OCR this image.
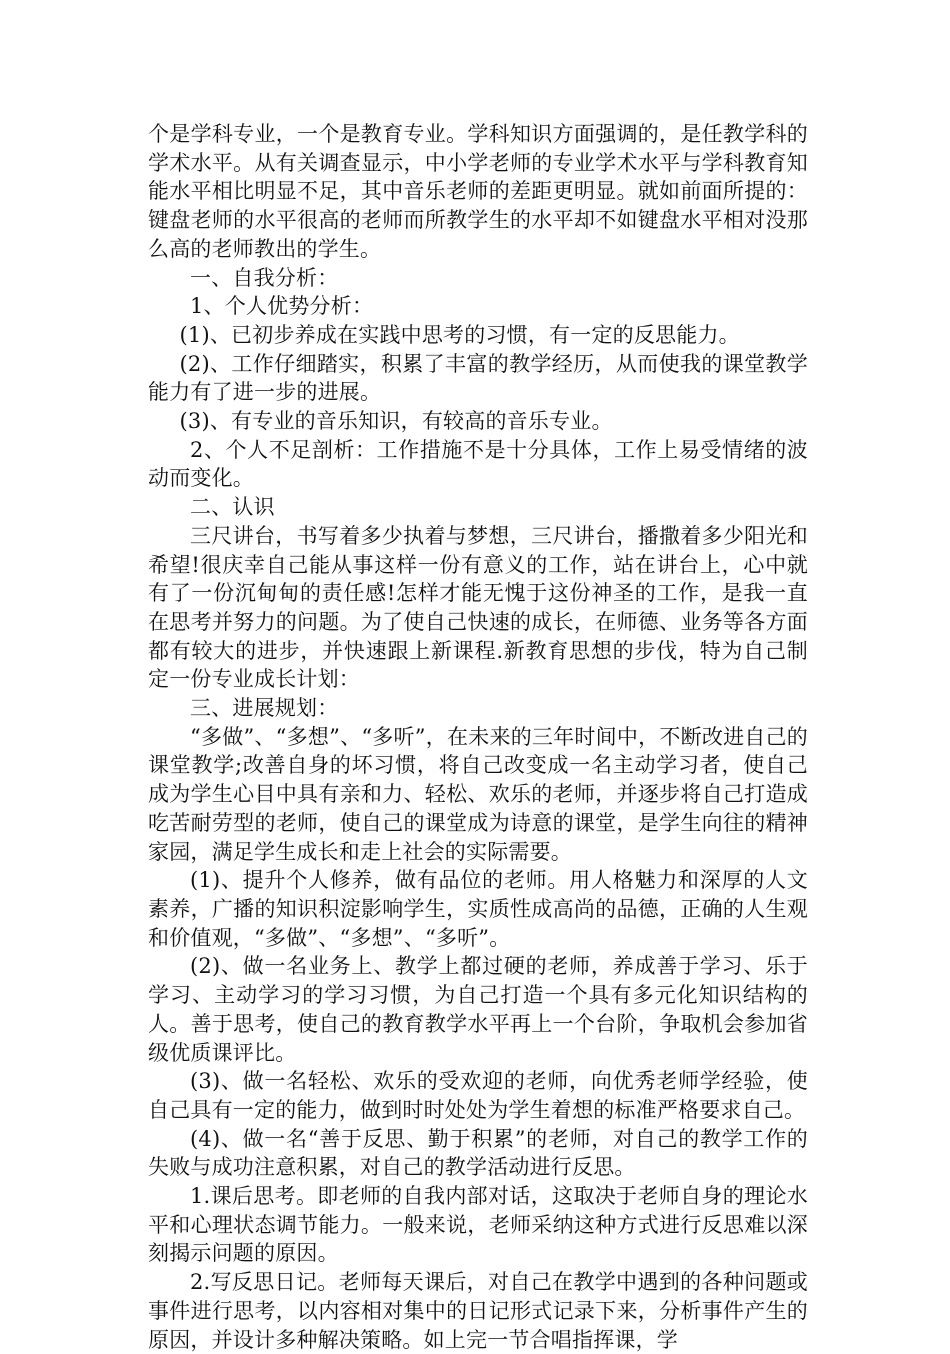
个是学科专业，一个是教育专业。学科知识方面强调的，是任教学科的学术水平。从有关调查显示，中小学老师的专业学术水平与学科教育知能水平相比明显不足，其中音乐老师的差距更明显。就如前面所提的：键盘老师的水平很高的老师而所教学生的水平却不如键盘水平相对没那么高的老师教出的学生。

一、自我分析：

1、个人优势分析：

(1)、已初步养成在实践中思考的习惯，有一定的反思能力。

(2)、工作仔细踏实，积累了丰富的教学经历，从而使我的课堂教学能力有了进一步的进展。

(3)、有专业的音乐知识，有较高的音乐专业。

2、个人不足剖析：工作措施不是十分具体，工作上易受情绪的波动而变化。

二、认识

三尺讲台，书写着多少执着与梦想，三尺讲台，播撒着多少阳光和希望!很庆幸自己能从事这样一份有意义的工作，站在讲台上，心中就有了一份沉甸甸的责任感!怎样才能无愧于这份神圣的工作，是我一直在思考并努力的问题。为了使自己快速的成长，在师德、业务等各方面都有较大的进步，并快速跟上新课程.新教育思想的步伐，特为自己制定一份专业成长计划：

三、进展规划：

“多做”、“多想”、“多听”，在未来的三年时间中，不断改进自己的课堂教学;改善自身的坏习惯，将自己改变成一名主动学习者，使自己成为学生心目中具有亲和力、轻松、欢乐的老师，并逐步将自己打造成吃苦耐劳型的老师，使自己的课堂成为诗意的课堂，是学生向往的精神家园，满足学生成长和走上社会的实际需要。

(1)、提升个人修养，做有品位的老师。用人格魅力和深厚的人文素养，广播的知识积淀影响学生，实质性成高尚的品德，正确的人生观和价值观，“多做”、“多想”、“多听”。

(2)、做一名业务上、教学上都过硬的老师，养成善于学习、乐于学习、主动学习的学习习惯，为自己打造一个具有多元化知识结构的人。善于思考，使自己的教育教学水平再上一个台阶，争取机会参加省级优质课评比。

(3)、做一名轻松、欢乐的受欢迎的老师，向优秀老师学经验，使自己具有一定的能力，做到时时处处为学生着想的标准严格要求自己。

(4)、做一名“善于反思、勤于积累”的老师，对自己的教学工作的失败与成功注意积累，对自己的教学活动进行反思。

1.课后思考。即老师的自我内部对话，这取决于老师自身的理论水平和心理状态调节能力。一般来说，老师采纳这种方式进行反思难以深刻揭示问题的原因。

2.写反思日记。老师每天课后，对自己在教学中遇到的各种问题或事件进行思考，以内容相对集中的日记形式记录下来，分析事件产生的原因，并设计多种解决策略。如上完一节合唱指挥课，学
